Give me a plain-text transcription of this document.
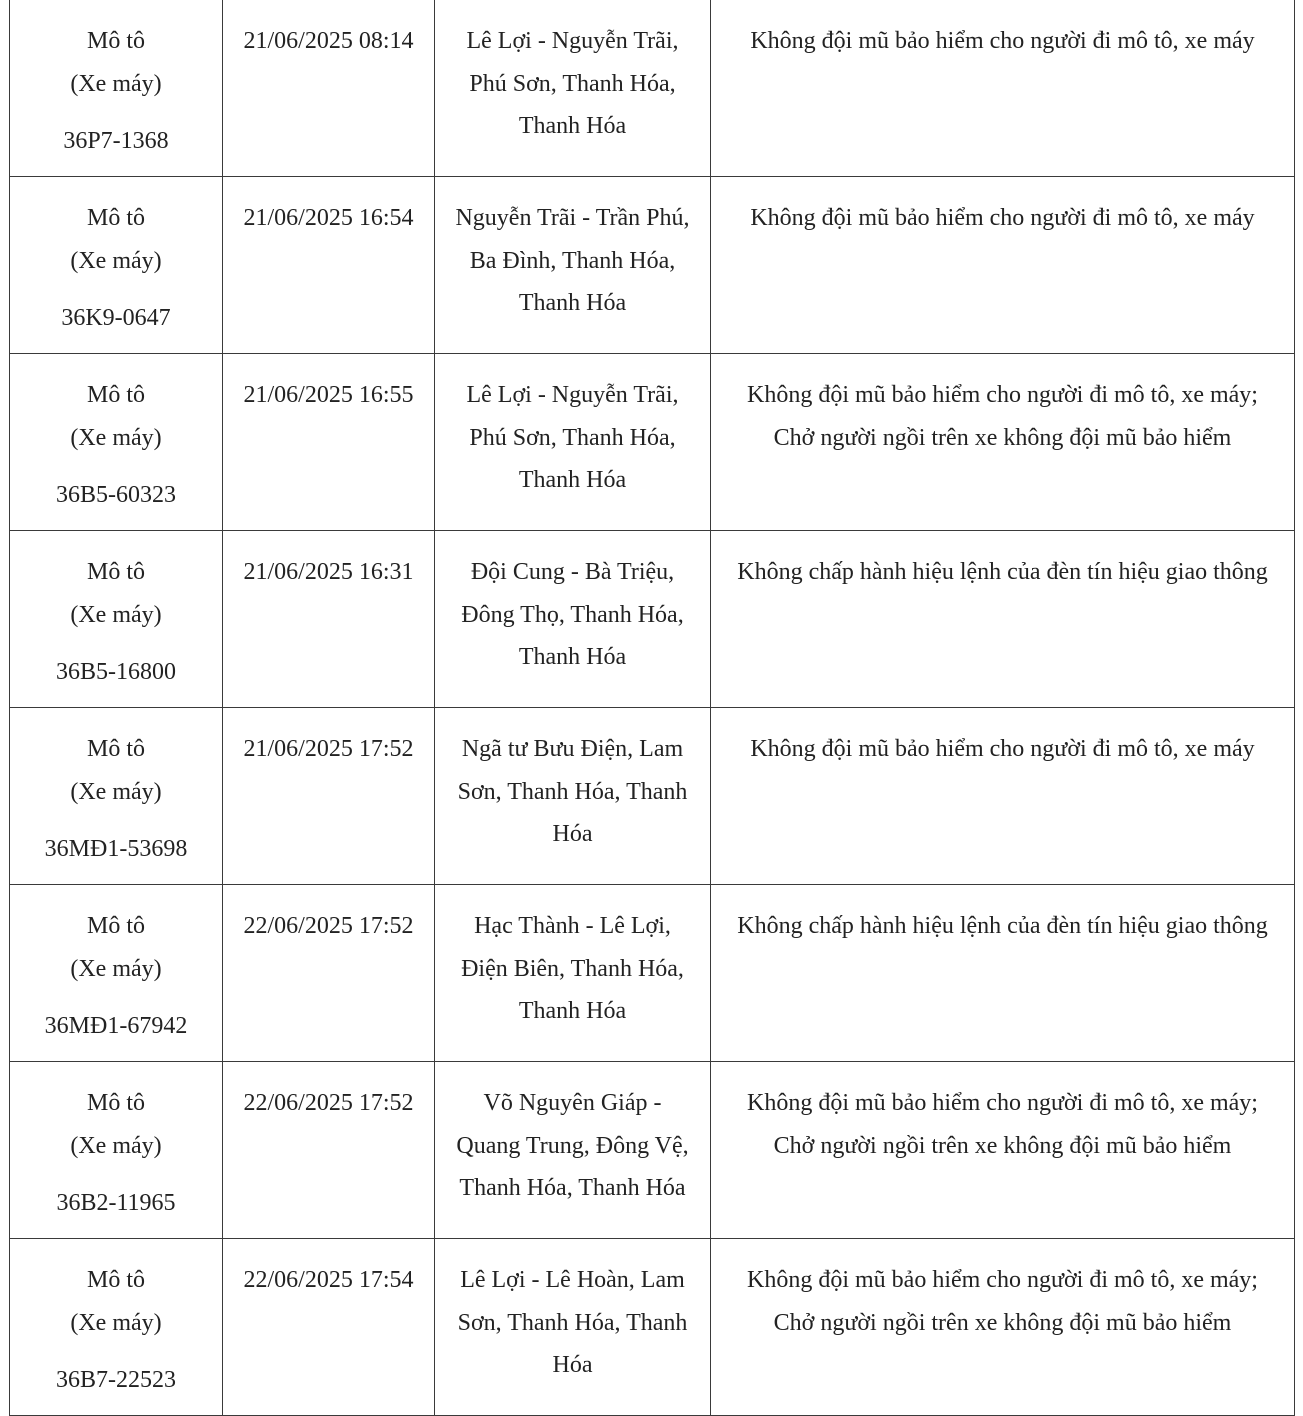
Mô tô
(Xe máy)
36P7-1368	21/06/2025 08:14	Lê Lợi - Nguyễn Trãi,
Phú Sơn, Thanh Hóa,
Thanh Hóa	Không đội mũ bảo hiểm cho người đi mô tô, xe máy

Mô tô
(Xe máy)
36K9-0647	21/06/2025 16:54	Nguyễn Trãi - Trần Phú,
Ba Đình, Thanh Hóa,
Thanh Hóa	Không đội mũ bảo hiểm cho người đi mô tô, xe máy

Mô tô
(Xe máy)
36B5-60323	21/06/2025 16:55	Lê Lợi - Nguyễn Trãi,
Phú Sơn, Thanh Hóa,
Thanh Hóa	Không đội mũ bảo hiểm cho người đi mô tô, xe máy;
Chở người ngồi trên xe không đội mũ bảo hiểm

Mô tô
(Xe máy)
36B5-16800	21/06/2025 16:31	Đội Cung - Bà Triệu,
Đông Thọ, Thanh Hóa,
Thanh Hóa	Không chấp hành hiệu lệnh của đèn tín hiệu giao thông

Mô tô
(Xe máy)
36MĐ1-53698	21/06/2025 17:52	Ngã tư Bưu Điện, Lam
Sơn, Thanh Hóa, Thanh
Hóa	Không đội mũ bảo hiểm cho người đi mô tô, xe máy

Mô tô
(Xe máy)
36MĐ1-67942	22/06/2025 17:52	Hạc Thành - Lê Lợi,
Điện Biên, Thanh Hóa,
Thanh Hóa	Không chấp hành hiệu lệnh của đèn tín hiệu giao thông

Mô tô
(Xe máy)
36B2-11965	22/06/2025 17:52	Võ Nguyên Giáp -
Quang Trung, Đông Vệ,
Thanh Hóa, Thanh Hóa	Không đội mũ bảo hiểm cho người đi mô tô, xe máy;
Chở người ngồi trên xe không đội mũ bảo hiểm

Mô tô
(Xe máy)
36B7-22523	22/06/2025 17:54	Lê Lợi - Lê Hoàn, Lam
Sơn, Thanh Hóa, Thanh
Hóa	Không đội mũ bảo hiểm cho người đi mô tô, xe máy;
Chở người ngồi trên xe không đội mũ bảo hiểm
